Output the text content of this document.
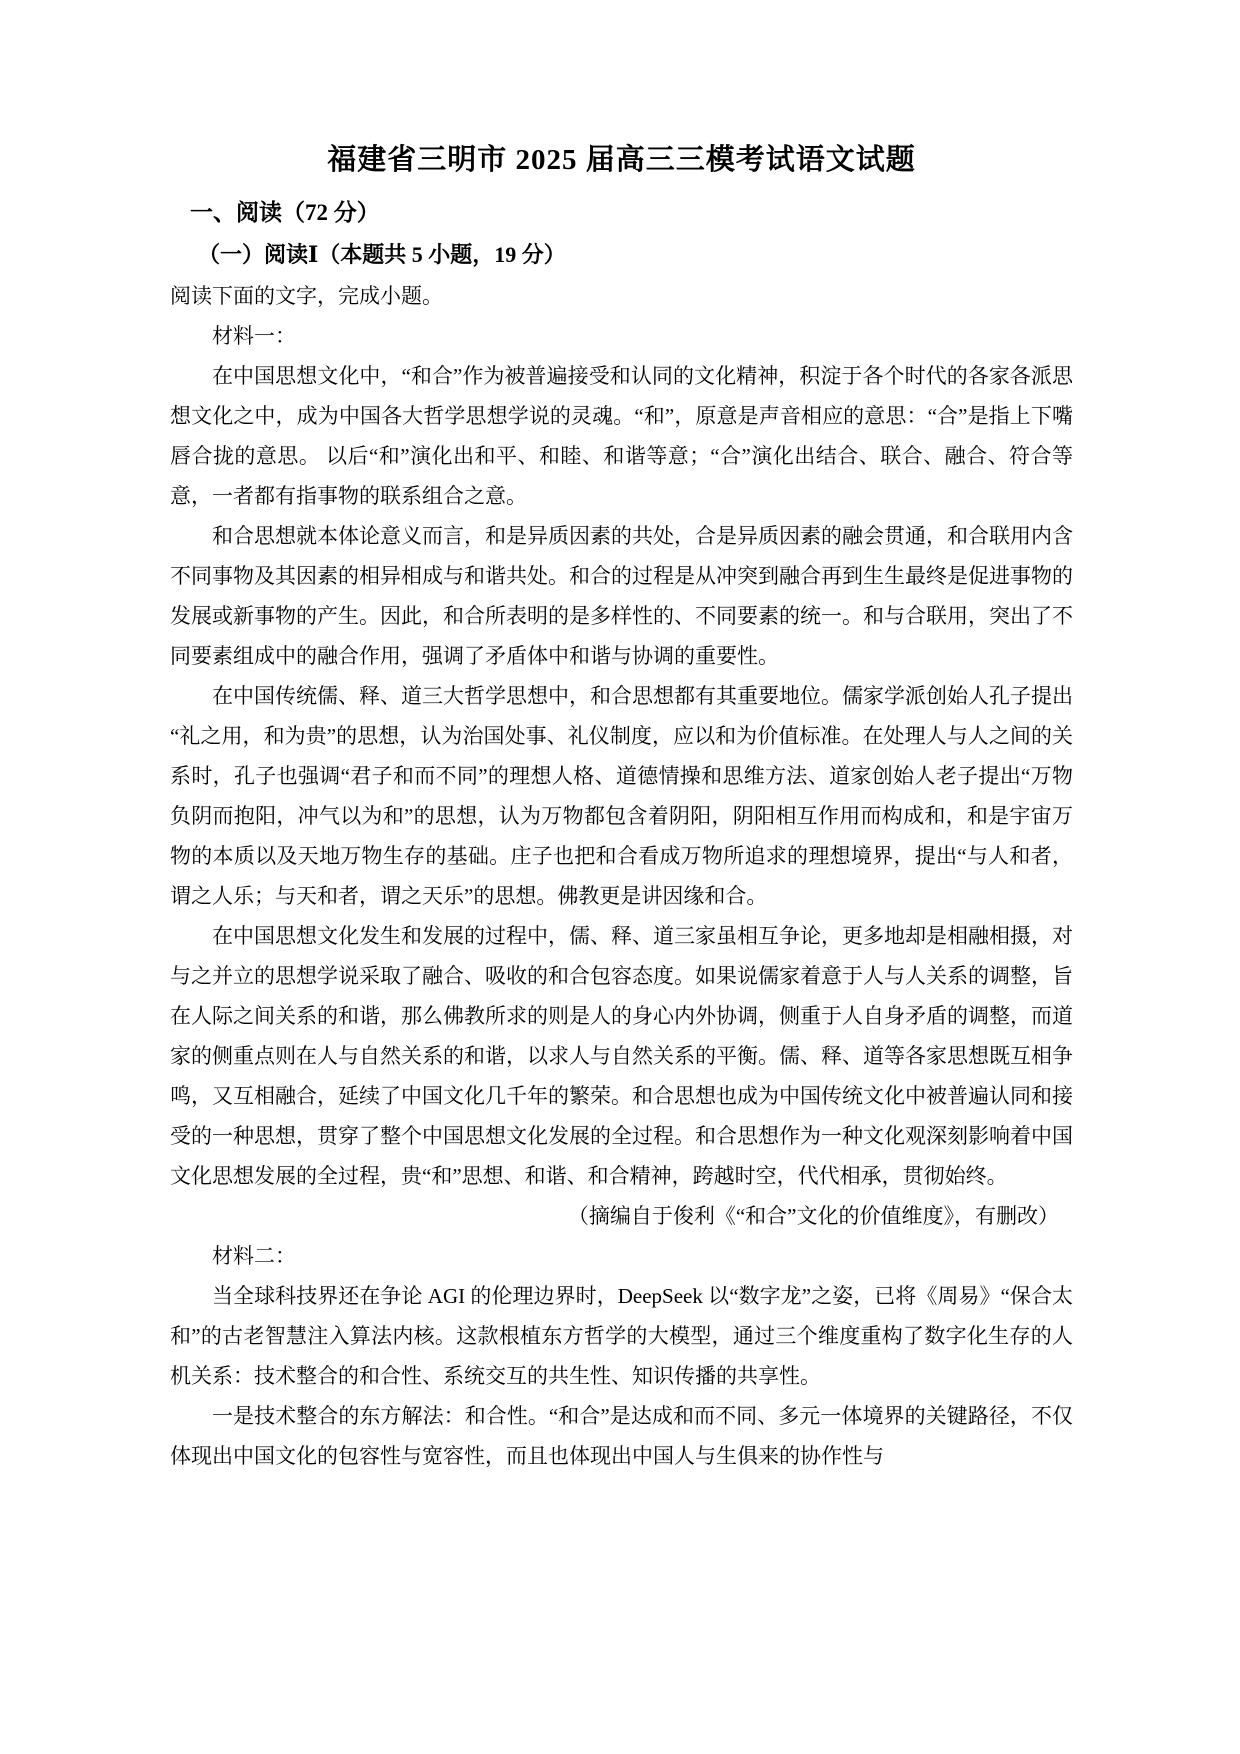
福建省三明市 2025 届高三三模考试语文试题
一、阅读（72 分）
（一）阅读Ⅰ（本题共 5 小题，19 分）

阅读下面的文字，完成小题。

材料一：

在中国思想文化中，“和合”作为被普遍接受和认同的文化精神，积淀于各个时代的各家各派思想文化之中，成为中国各大哲学思想学说的灵魂。“和”，原意是声音相应的意思：“合”是指上下嘴唇合拢的意思。 以后“和”演化出和平、和睦、和谐等意；“合”演化出结合、联合、融合、符合等意，一者都有指事物的联系组合之意。

和合思想就本体论意义而言，和是异质因素的共处，合是异质因素的融会贯通，和合联用内含不同事物及其因素的相异相成与和谐共处。和合的过程是从冲突到融合再到生生最终是促进事物的发展或新事物的产生。因此，和合所表明的是多样性的、不同要素的统一。和与合联用，突出了不同要素组成中的融合作用，强调了矛盾体中和谐与协调的重要性。

在中国传统儒、释、道三大哲学思想中，和合思想都有其重要地位。儒家学派创始人孔子提出“礼之用，和为贵”的思想，认为治国处事、礼仪制度，应以和为价值标准。在处理人与人之间的关系时，孔子也强调“君子和而不同”的理想人格、道德情操和思维方法、道家创始人老子提出“万物负阴而抱阳，冲气以为和”的思想，认为万物都包含着阴阳，阴阳相互作用而构成和，和是宇宙万物的本质以及天地万物生存的基础。庄子也把和合看成万物所追求的理想境界，提出“与人和者，谓之人乐；与天和者，谓之天乐”的思想。佛教更是讲因缘和合。

在中国思想文化发生和发展的过程中，儒、释、道三家虽相互争论，更多地却是相融相摄，对与之并立的思想学说采取了融合、吸收的和合包容态度。如果说儒家着意于人与人关系的调整，旨在人际之间关系的和谐，那么佛教所求的则是人的身心内外协调，侧重于人自身矛盾的调整，而道家的侧重点则在人与自然关系的和谐，以求人与自然关系的平衡。儒、释、道等各家思想既互相争鸣，又互相融合，延续了中国文化几千年的繁荣。和合思想也成为中国传统文化中被普遍认同和接受的一种思想，贯穿了整个中国思想文化发展的全过程。和合思想作为一种文化观深刻影响着中国文化思想发展的全过程，贵“和”思想、和谐、和合精神，跨越时空，代代相承，贯彻始终。

（摘编自于俊利《“和合”文化的价值维度》，有删改）

材料二：

当全球科技界还在争论 AGI 的伦理边界时，DeepSeek 以“数字龙”之姿，已将《周易》“保合太和”的古老智慧注入算法内核。这款根植东方哲学的大模型，通过三个维度重构了数字化生存的人机关系：技术整合的和合性、系统交互的共生性、知识传播的共享性。

一是技术整合的东方解法：和合性。“和合”是达成和而不同、多元一体境界的关键路径，不仅体现出中国文化的包容性与宽容性，而且也体现出中国人与生俱来的协作性与
